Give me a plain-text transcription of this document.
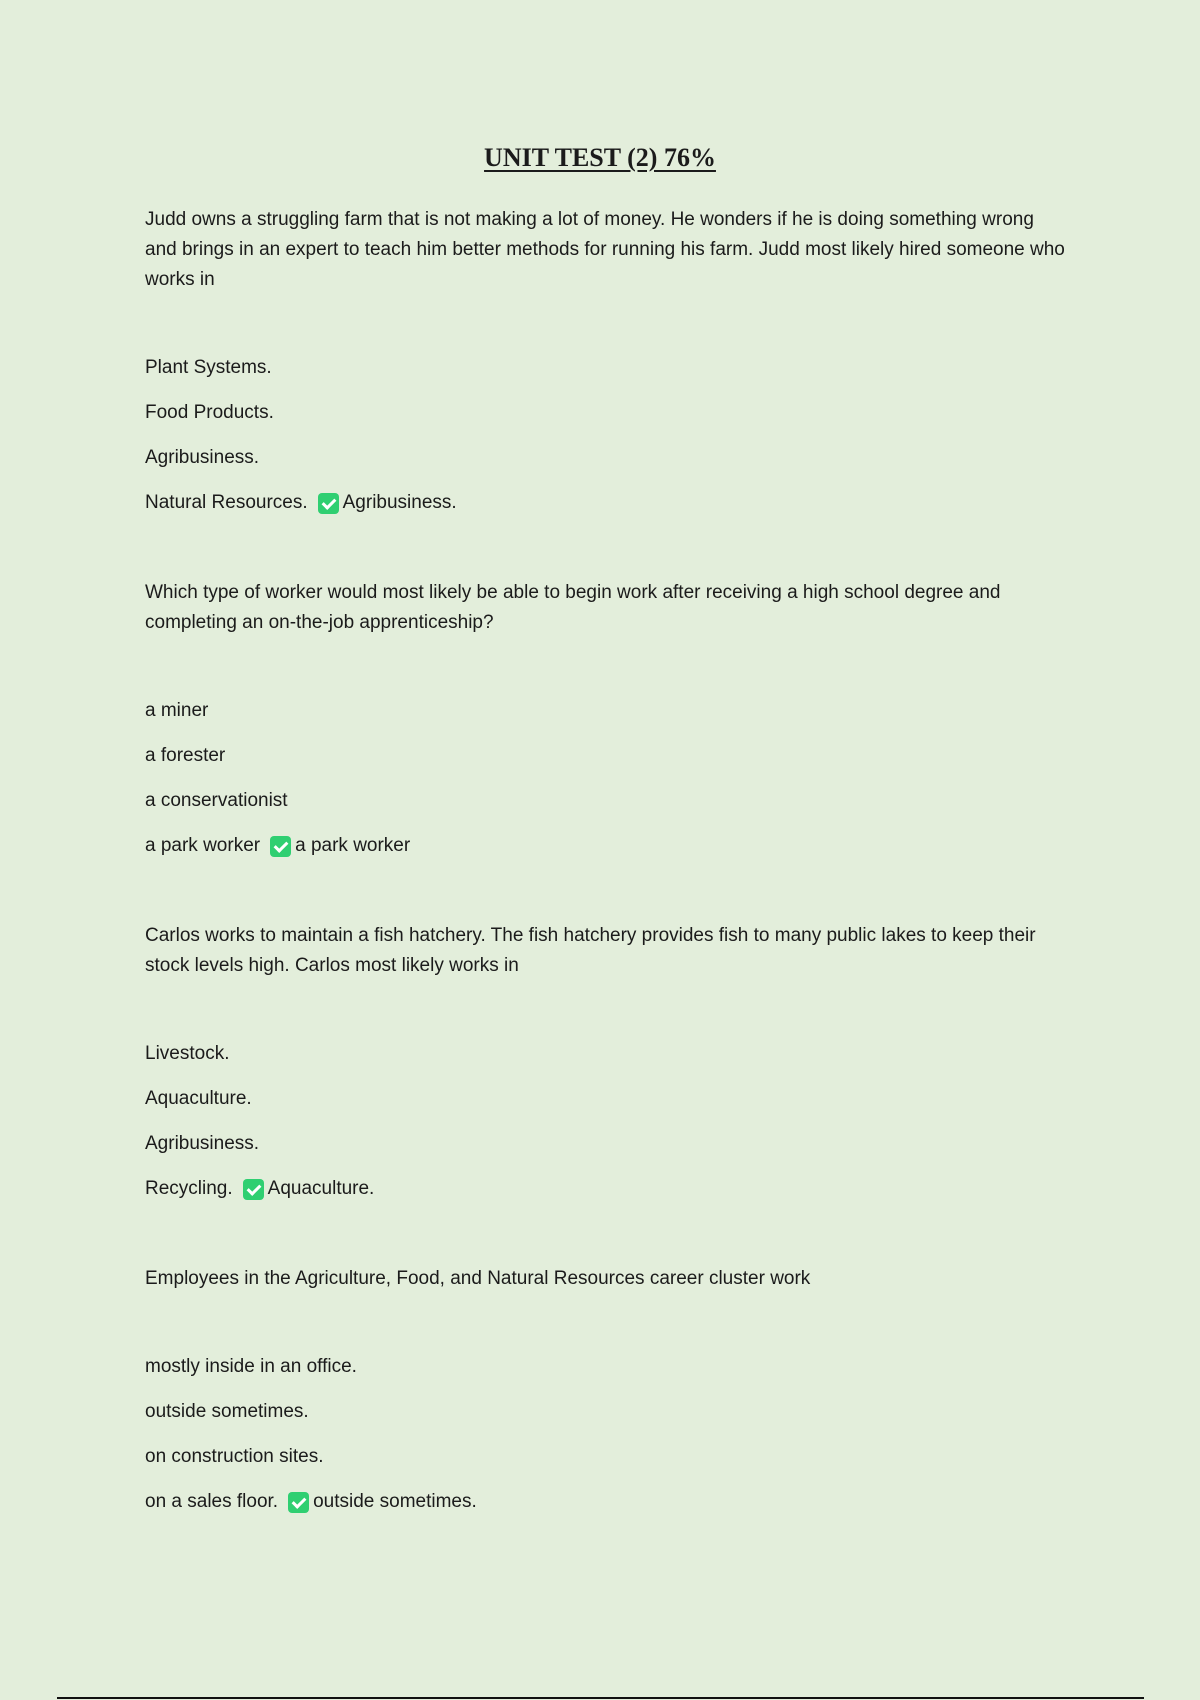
UNIT TEST (2) 76%

Judd owns a struggling farm that is not making a lot of money. He wonders if he is doing something wrong and brings in an expert to teach him better methods for running his farm. Judd most likely hired someone who works in

Plant Systems.
Food Products.
Agribusiness.
Natural Resources. Agribusiness.

Which type of worker would most likely be able to begin work after receiving a high school degree and completing an on-the-job apprenticeship?

a miner
a forester
a conservationist
a park worker a park worker

Carlos works to maintain a fish hatchery. The fish hatchery provides fish to many public lakes to keep their stock levels high. Carlos most likely works in

Livestock.
Aquaculture.
Agribusiness.
Recycling. Aquaculture.

Employees in the Agriculture, Food, and Natural Resources career cluster work

mostly inside in an office.
outside sometimes.
on construction sites.
on a sales floor. outside sometimes.
